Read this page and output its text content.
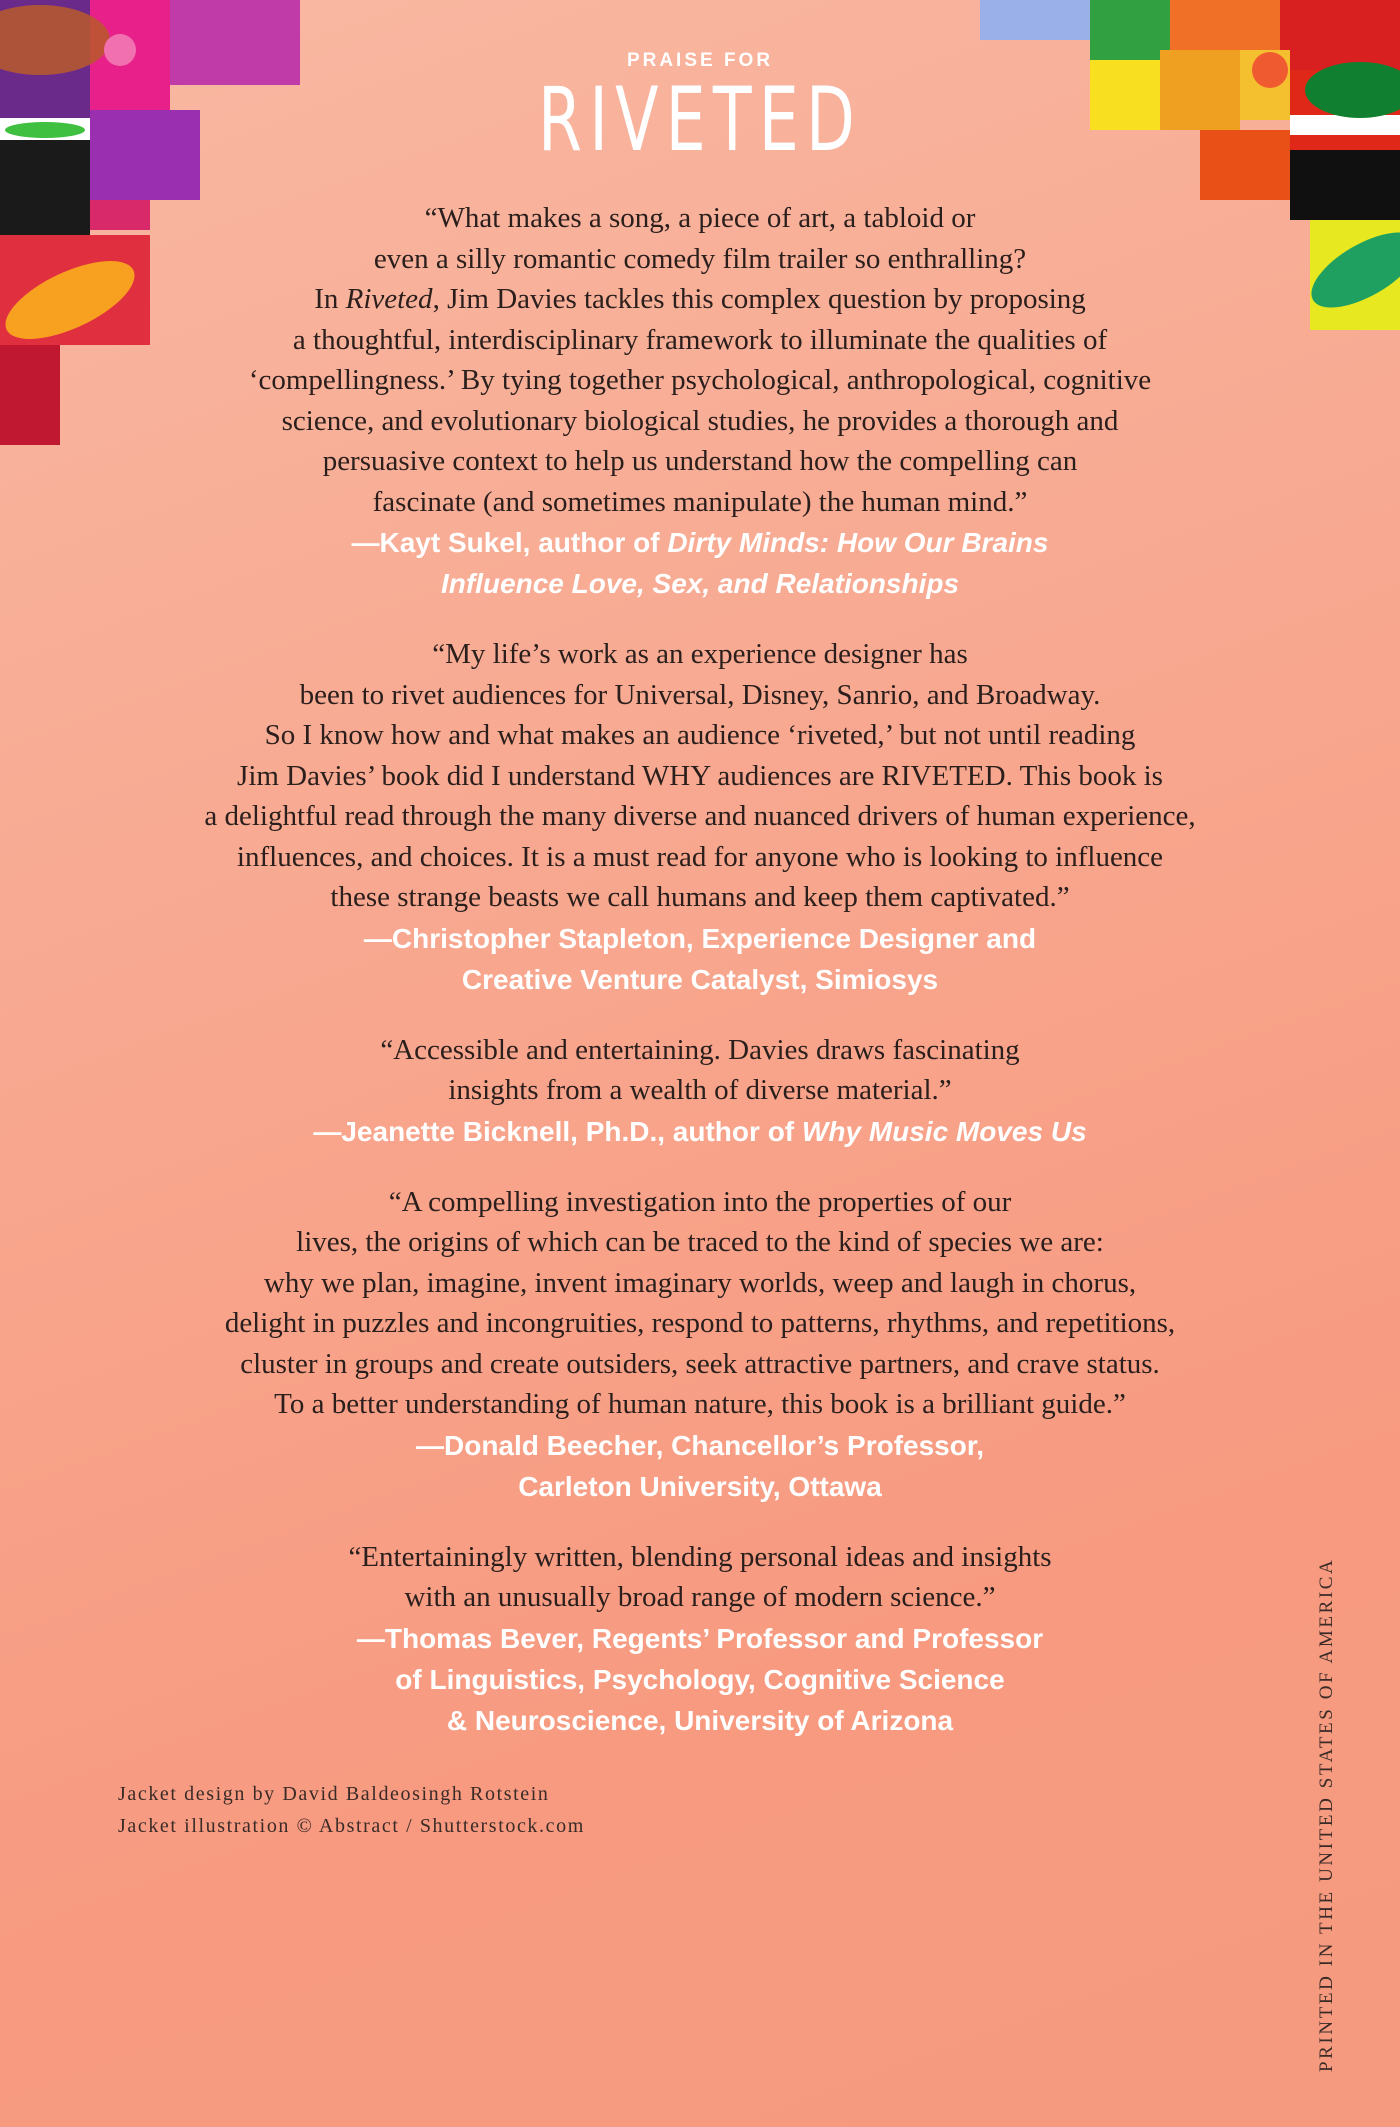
PRAISE FOR
RIVETED
“What makes a song, a piece of art, a tabloid or
even a silly romantic comedy film trailer so enthralling?
In Riveted, Jim Davies tackles this complex question by proposing
a thoughtful, interdisciplinary framework to illuminate the qualities of
‘compellingness.’ By tying together psychological, anthropological, cognitive
science, and evolutionary biological studies, he provides a thorough and
persuasive context to help us understand how the compelling can
fascinate (and sometimes manipulate) the human mind.”
—Kayt Sukel, author of Dirty Minds: How Our Brains
Influence Love, Sex, and Relationships
“My life’s work as an experience designer has
been to rivet audiences for Universal, Disney, Sanrio, and Broadway.
So I know how and what makes an audience ‘riveted,’ but not until reading
Jim Davies’ book did I understand WHY audiences are RIVETED. This book is
a delightful read through the many diverse and nuanced drivers of human experience,
influences, and choices. It is a must read for anyone who is looking to influence
these strange beasts we call humans and keep them captivated.”
—Christopher Stapleton, Experience Designer and
Creative Venture Catalyst, Simiosys
“Accessible and entertaining. Davies draws fascinating
insights from a wealth of diverse material.”
—Jeanette Bicknell, Ph.D., author of Why Music Moves Us
“A compelling investigation into the properties of our
lives, the origins of which can be traced to the kind of species we are:
why we plan, imagine, invent imaginary worlds, weep and laugh in chorus,
delight in puzzles and incongruities, respond to patterns, rhythms, and repetitions,
cluster in groups and create outsiders, seek attractive partners, and crave status.
To a better understanding of human nature, this book is a brilliant guide.”
—Donald Beecher, Chancellor’s Professor,
Carleton University, Ottawa
“Entertainingly written, blending personal ideas and insights
with an unusually broad range of modern science.”
—Thomas Bever, Regents’ Professor and Professor
of Linguistics, Psychology, Cognitive Science
& Neuroscience, University of Arizona
Jacket design by David Baldeosingh Rotstein
Jacket illustration © Abstract / Shutterstock.com	PRINTED IN THE UNITED STATES OF AMERICA
